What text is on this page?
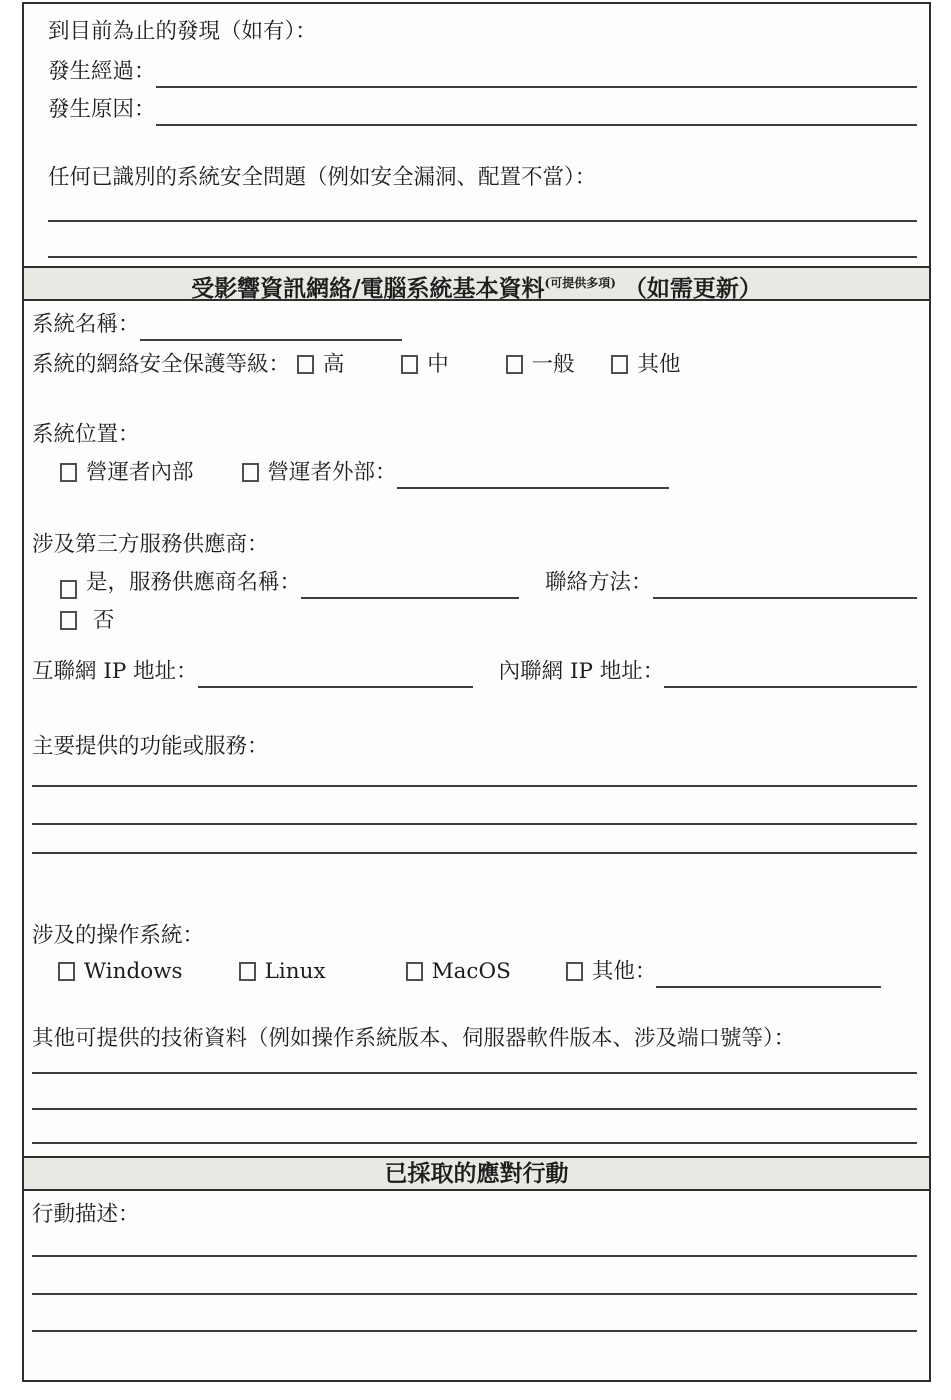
到目前為止的發現（如有）：
發生經過：
發生原因：
任何已識別的系統安全問題（例如安全漏洞、配置不當）：
受影響資訊網絡/電腦系統基本資料$^{(可提供多項)}$ （如需更新）
系統名稱：
系統的網絡安全保護等級： 高	中	一般	其他
系統位置：
營運者內部	營運者外部：
涉及第三方服務供應商：
是，服務供應商名稱：	聯絡方法：
否
互聯網 IP 地址：	內聯網 IP 地址：
主要提供的功能或服務：
涉及的操作系統：
Windows	Linux	MacOS	其他：
其他可提供的技術資料（例如操作系統版本、伺服器軟件版本、涉及端口號等）：
已採取的應對行動
行動描述：
